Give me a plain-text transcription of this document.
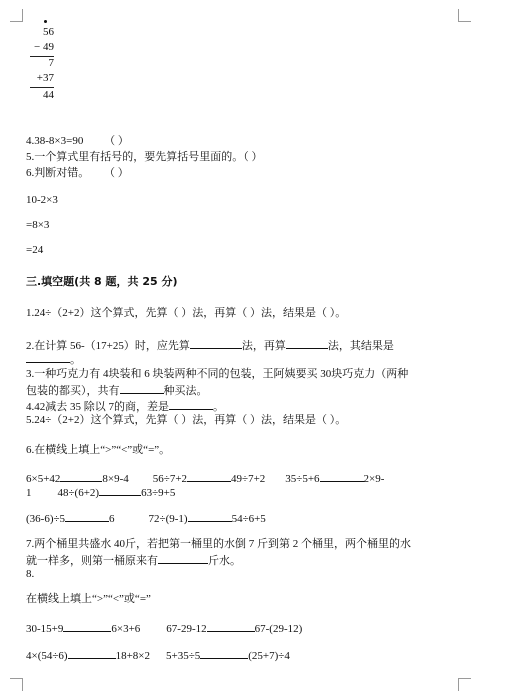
56
− 49
7
+37
44
4.38-8×3=90 （ ）
5.一个算式里有括号的，要先算括号里面的。（ ）
6.判断对错。 （ ）
10-2×3
=8×3
=24
三.填空题(共 8 题，共 25 分)
1.24÷（2+2）这个算式，先算（ ）法，再算（ ）法，结果是（ ）。
2.在计算 56-（17+25）时，应先算	法，再算	法，其结果是
。
3.一种巧克力有 4块装和 6 块装两种不同的包装，王阿姨要买 30块巧克力（两种
包装的都买），共有	种买法。
4.42减去 35 除以 7的商，差是	。
5.24÷（2+2）这个算式，先算（ ）法，再算（ ）法，结果是（ ）。
6.在横线上填上“>”“<”或“=”。
6×5+42	8×9-4 56÷7+2	49÷7+2 35÷5+6	2×9-
1 48÷(6+2)	63÷9+5
(36-6)÷5	6	72÷(9-1)	54÷6+5
7.两个桶里共盛水 40斤，若把第一桶里的水倒 7 斤到第 2 个桶里，两个桶里的水
就一样多，则第一桶原来有	斤水。
8.
在横线上填上“>”“<”或“=”
30-15+9	6×3+6 67-29-12	67-(29-12)
4×(54÷6)	18+8×2 5+35÷5	(25+7)÷4
